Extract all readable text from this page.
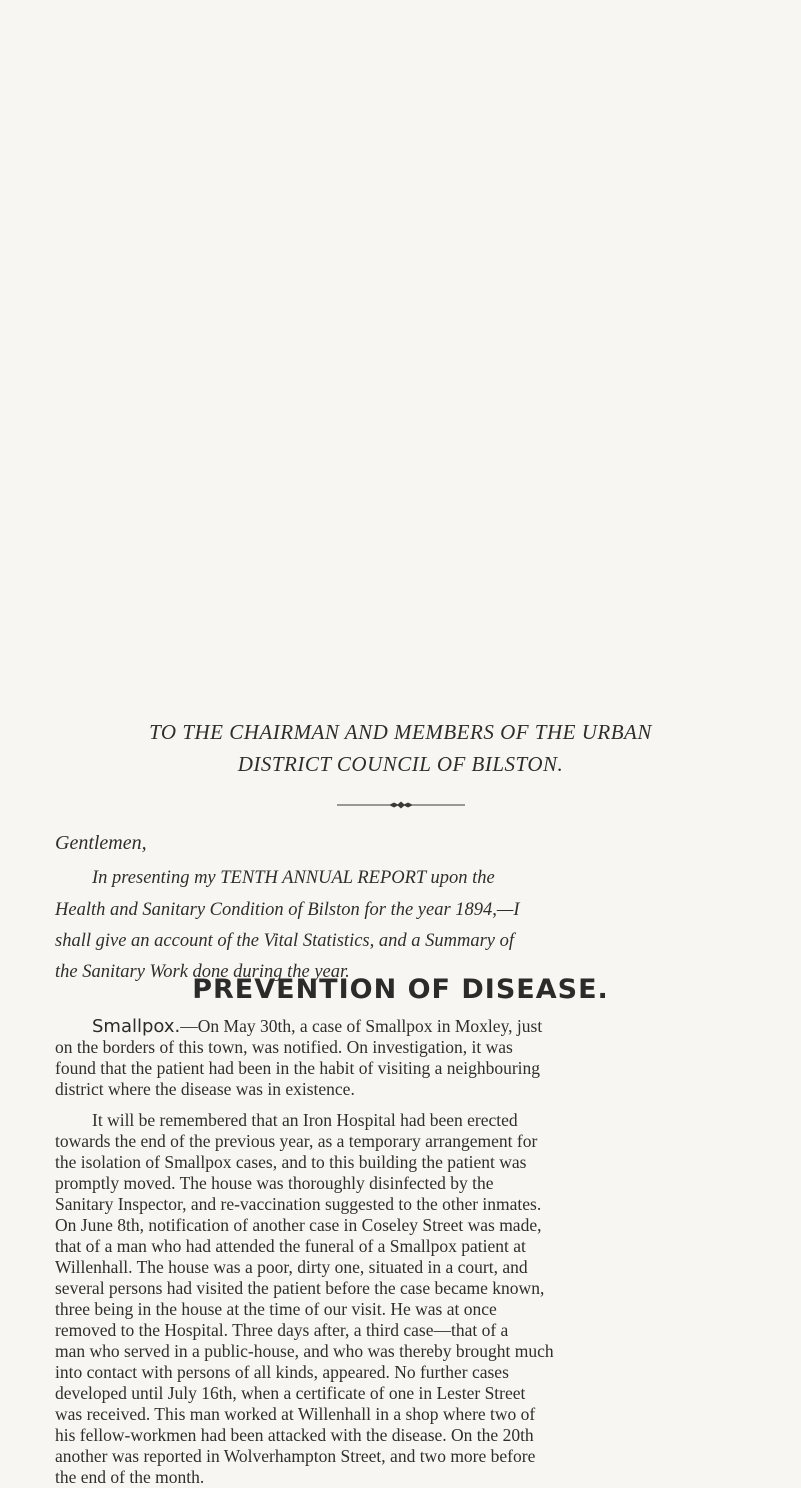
TO THE CHAIRMAN AND MEMBERS OF THE URBAN
DISTRICT COUNCIL OF BILSTON.
Gentlemen,
In presenting my TENTH ANNUAL REPORT upon the
Health and Sanitary Condition of Bilston for the year 1894,—I
shall give an account of the Vital Statistics, and a Summary of
the Sanitary Work done during the year.
PREVENTION OF DISEASE.
Smallpox.—On May 30th, a case of Smallpox in Moxley, just
on the borders of this town, was notified. On investigation, it was
found that the patient had been in the habit of visiting a neighbouring
district where the disease was in existence.
It will be remembered that an Iron Hospital had been erected
towards the end of the previous year, as a temporary arrangement for
the isolation of Smallpox cases, and to this building the patient was
promptly moved. The house was thoroughly disinfected by the
Sanitary Inspector, and re-vaccination suggested to the other inmates.
On June 8th, notification of another case in Coseley Street was made,
that of a man who had attended the funeral of a Smallpox patient at
Willenhall. The house was a poor, dirty one, situated in a court, and
several persons had visited the patient before the case became known,
three being in the house at the time of our visit. He was at once
removed to the Hospital. Three days after, a third case—that of a
man who served in a public-house, and who was thereby brought much
into contact with persons of all kinds, appeared. No further cases
developed until July 16th, when a certificate of one in Lester Street
was received. This man worked at Willenhall in a shop where two of
his fellow-workmen had been attacked with the disease. On the 20th
another was reported in Wolverhampton Street, and two more before
the end of the month.
